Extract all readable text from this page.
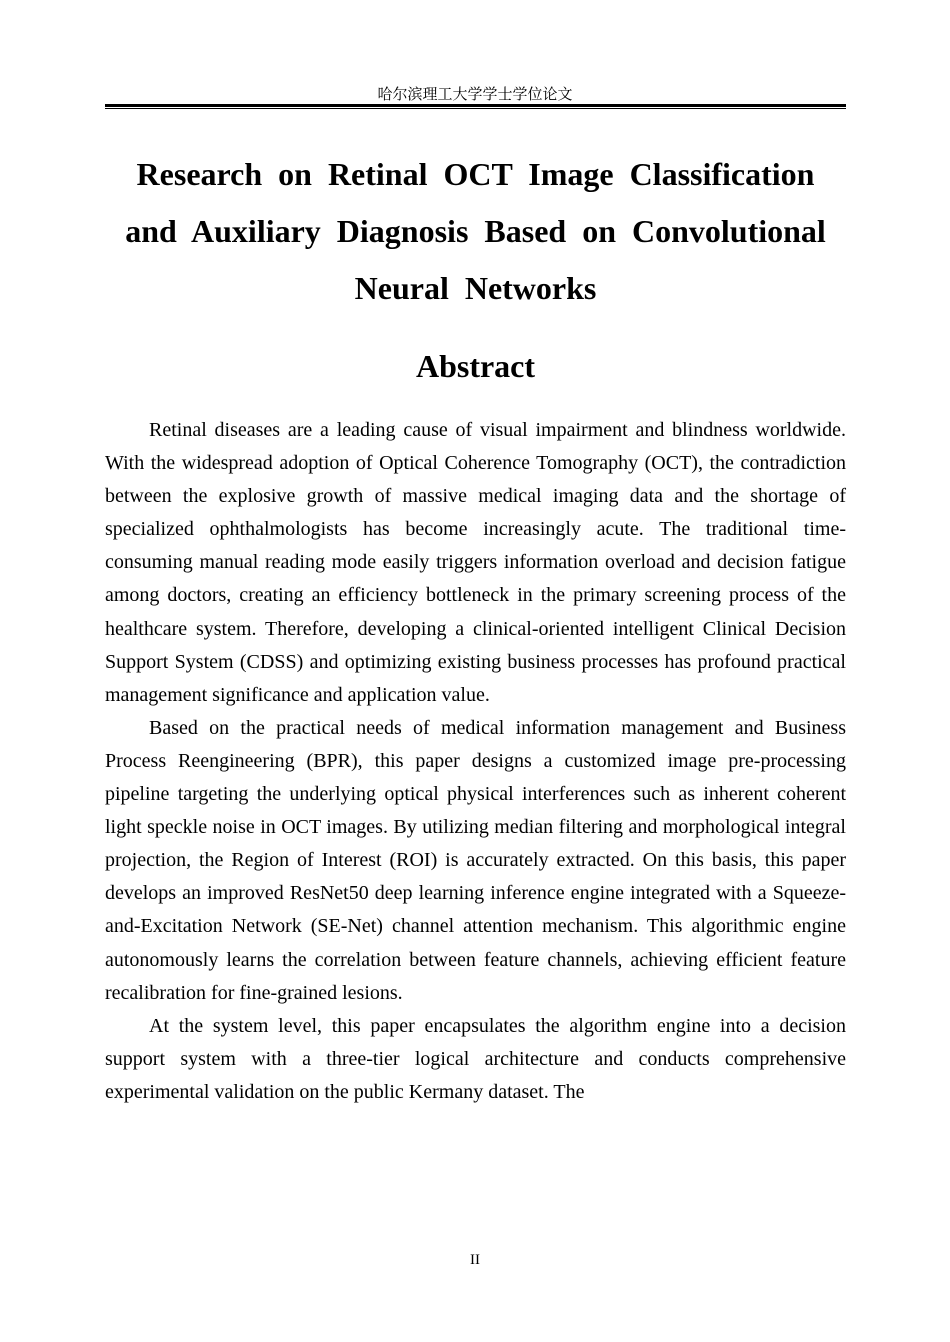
哈尔滨理工大学学士学位论文
Research on Retinal OCT Image Classification and Auxiliary Diagnosis Based on Convolutional Neural Networks
Abstract

Retinal diseases are a leading cause of visual impairment and blindness worldwide. With the widespread adoption of Optical Coherence Tomography (OCT), the contradiction between the explosive growth of massive medical imaging data and the shortage of specialized ophthalmologists has become increasingly acute. The traditional time-consuming manual reading mode easily triggers information overload and decision fatigue among doctors, creating an efficiency bottleneck in the primary screening process of the healthcare system. Therefore, developing a clinical-oriented intelligent Clinical Decision Support System (CDSS) and optimizing existing business processes has profound practical management significance and application value.

Based on the practical needs of medical information management and Business Process Reengineering (BPR), this paper designs a customized image pre-processing pipeline targeting the underlying optical physical interferences such as inherent coherent light speckle noise in OCT images. By utilizing median filtering and morphological integral projection, the Region of Interest (ROI) is accurately extracted. On this basis, this paper develops an improved ResNet50 deep learning inference engine integrated with a Squeeze-and-Excitation Network (SE-Net) channel attention mechanism. This algorithmic engine autonomously learns the correlation between feature channels, achieving efficient feature recalibration for fine-grained lesions.

At the system level, this paper encapsulates the algorithm engine into a decision support system with a three-tier logical architecture and conducts comprehensive experimental validation on the public Kermany dataset. The

II
